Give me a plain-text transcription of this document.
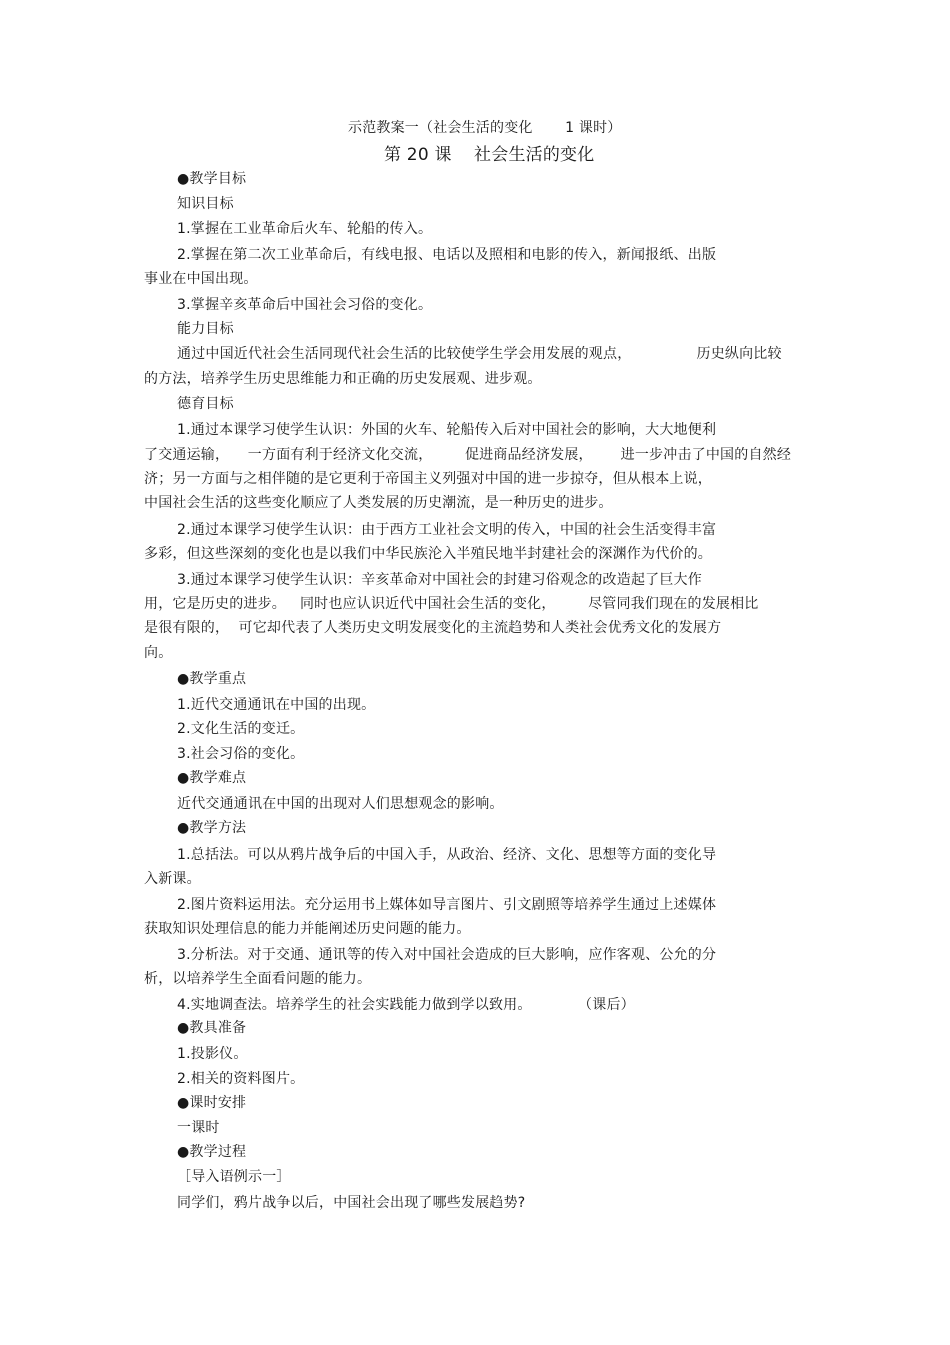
示范教案一（社会生活的变化       1 课时）
第 20 课    社会生活的变化
●教学目标
知识目标
1.掌握在工业革命后火车、轮船的传入。
2.掌握在第二次工业革命后，有线电报、电话以及照相和电影的传入，新闻报纸、出版
事业在中国出现。
3.掌握辛亥革命后中国社会习俗的变化。
能力目标
通过中国近代社会生活同现代社会生活的比较使学生学会用发展的观点，              历史纵向比较
的方法，培养学生历史思维能力和正确的历史发展观、进步观。
德育目标
1.通过本课学习使学生认识：外国的火车、轮船传入后对中国社会的影响，大大地便利
了交通运输，    一方面有利于经济文化交流，       促进商品经济发展，      进一步冲击了中国的自然经
济；另一方面与之相伴随的是它更利于帝国主义列强对中国的进一步掠夺，但从根本上说，
中国社会生活的这些变化顺应了人类发展的历史潮流，是一种历史的进步。
2.通过本课学习使学生认识：由于西方工业社会文明的传入，中国的社会生活变得丰富
多彩，但这些深刻的变化也是以我们中华民族沦入半殖民地半封建社会的深渊作为代价的。
3.通过本课学习使学生认识：辛亥革命对中国社会的封建习俗观念的改造起了巨大作
用，它是历史的进步。   同时也应认识近代中国社会生活的变化，       尽管同我们现在的发展相比
是很有限的，  可它却代表了人类历史文明发展变化的主流趋势和人类社会优秀文化的发展方
向。
●教学重点
1.近代交通通讯在中国的出现。
2.文化生活的变迁。
3.社会习俗的变化。
●教学难点
近代交通通讯在中国的出现对人们思想观念的影响。
●教学方法
1.总括法。可以从鸦片战争后的中国入手，从政治、经济、文化、思想等方面的变化导
入新课。
2.图片资料运用法。充分运用书上媒体如导言图片、引文剧照等培养学生通过上述媒体
获取知识处理信息的能力并能阐述历史问题的能力。
3.分析法。对于交通、通讯等的传入对中国社会造成的巨大影响，应作客观、公允的分
析，以培养学生全面看问题的能力。
4.实地调查法。培养学生的社会实践能力做到学以致用。          （课后）
●教具准备
1.投影仪。
2.相关的资料图片。
●课时安排
一课时
●教学过程
［导入语例示一］
同学们，鸦片战争以后，中国社会出现了哪些发展趋势?
